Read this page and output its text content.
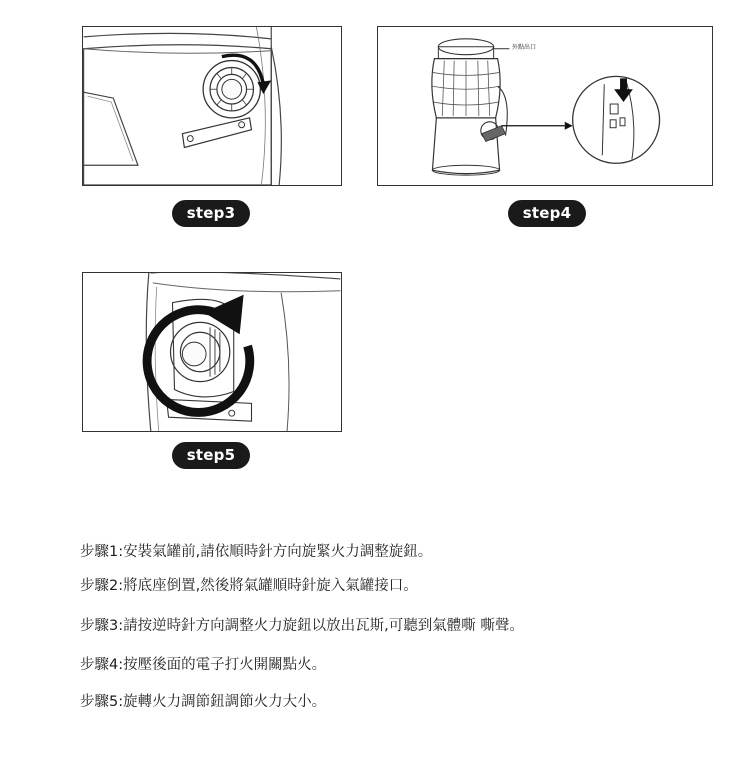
step3
外點出口
step4
step5
步驟1:安裝氣罐前,請依順時針方向旋緊火力調整旋鈕。
步驟2:將底座倒置,然後將氣罐順時針旋入氣罐接口。
步驟3:請按逆時針方向調整火力旋鈕以放出瓦斯,可聽到氣體嘶 嘶聲。
步驟4:按壓後面的電子打火開關點火。
步驟5:旋轉火力調節鈕調節火力大小。
